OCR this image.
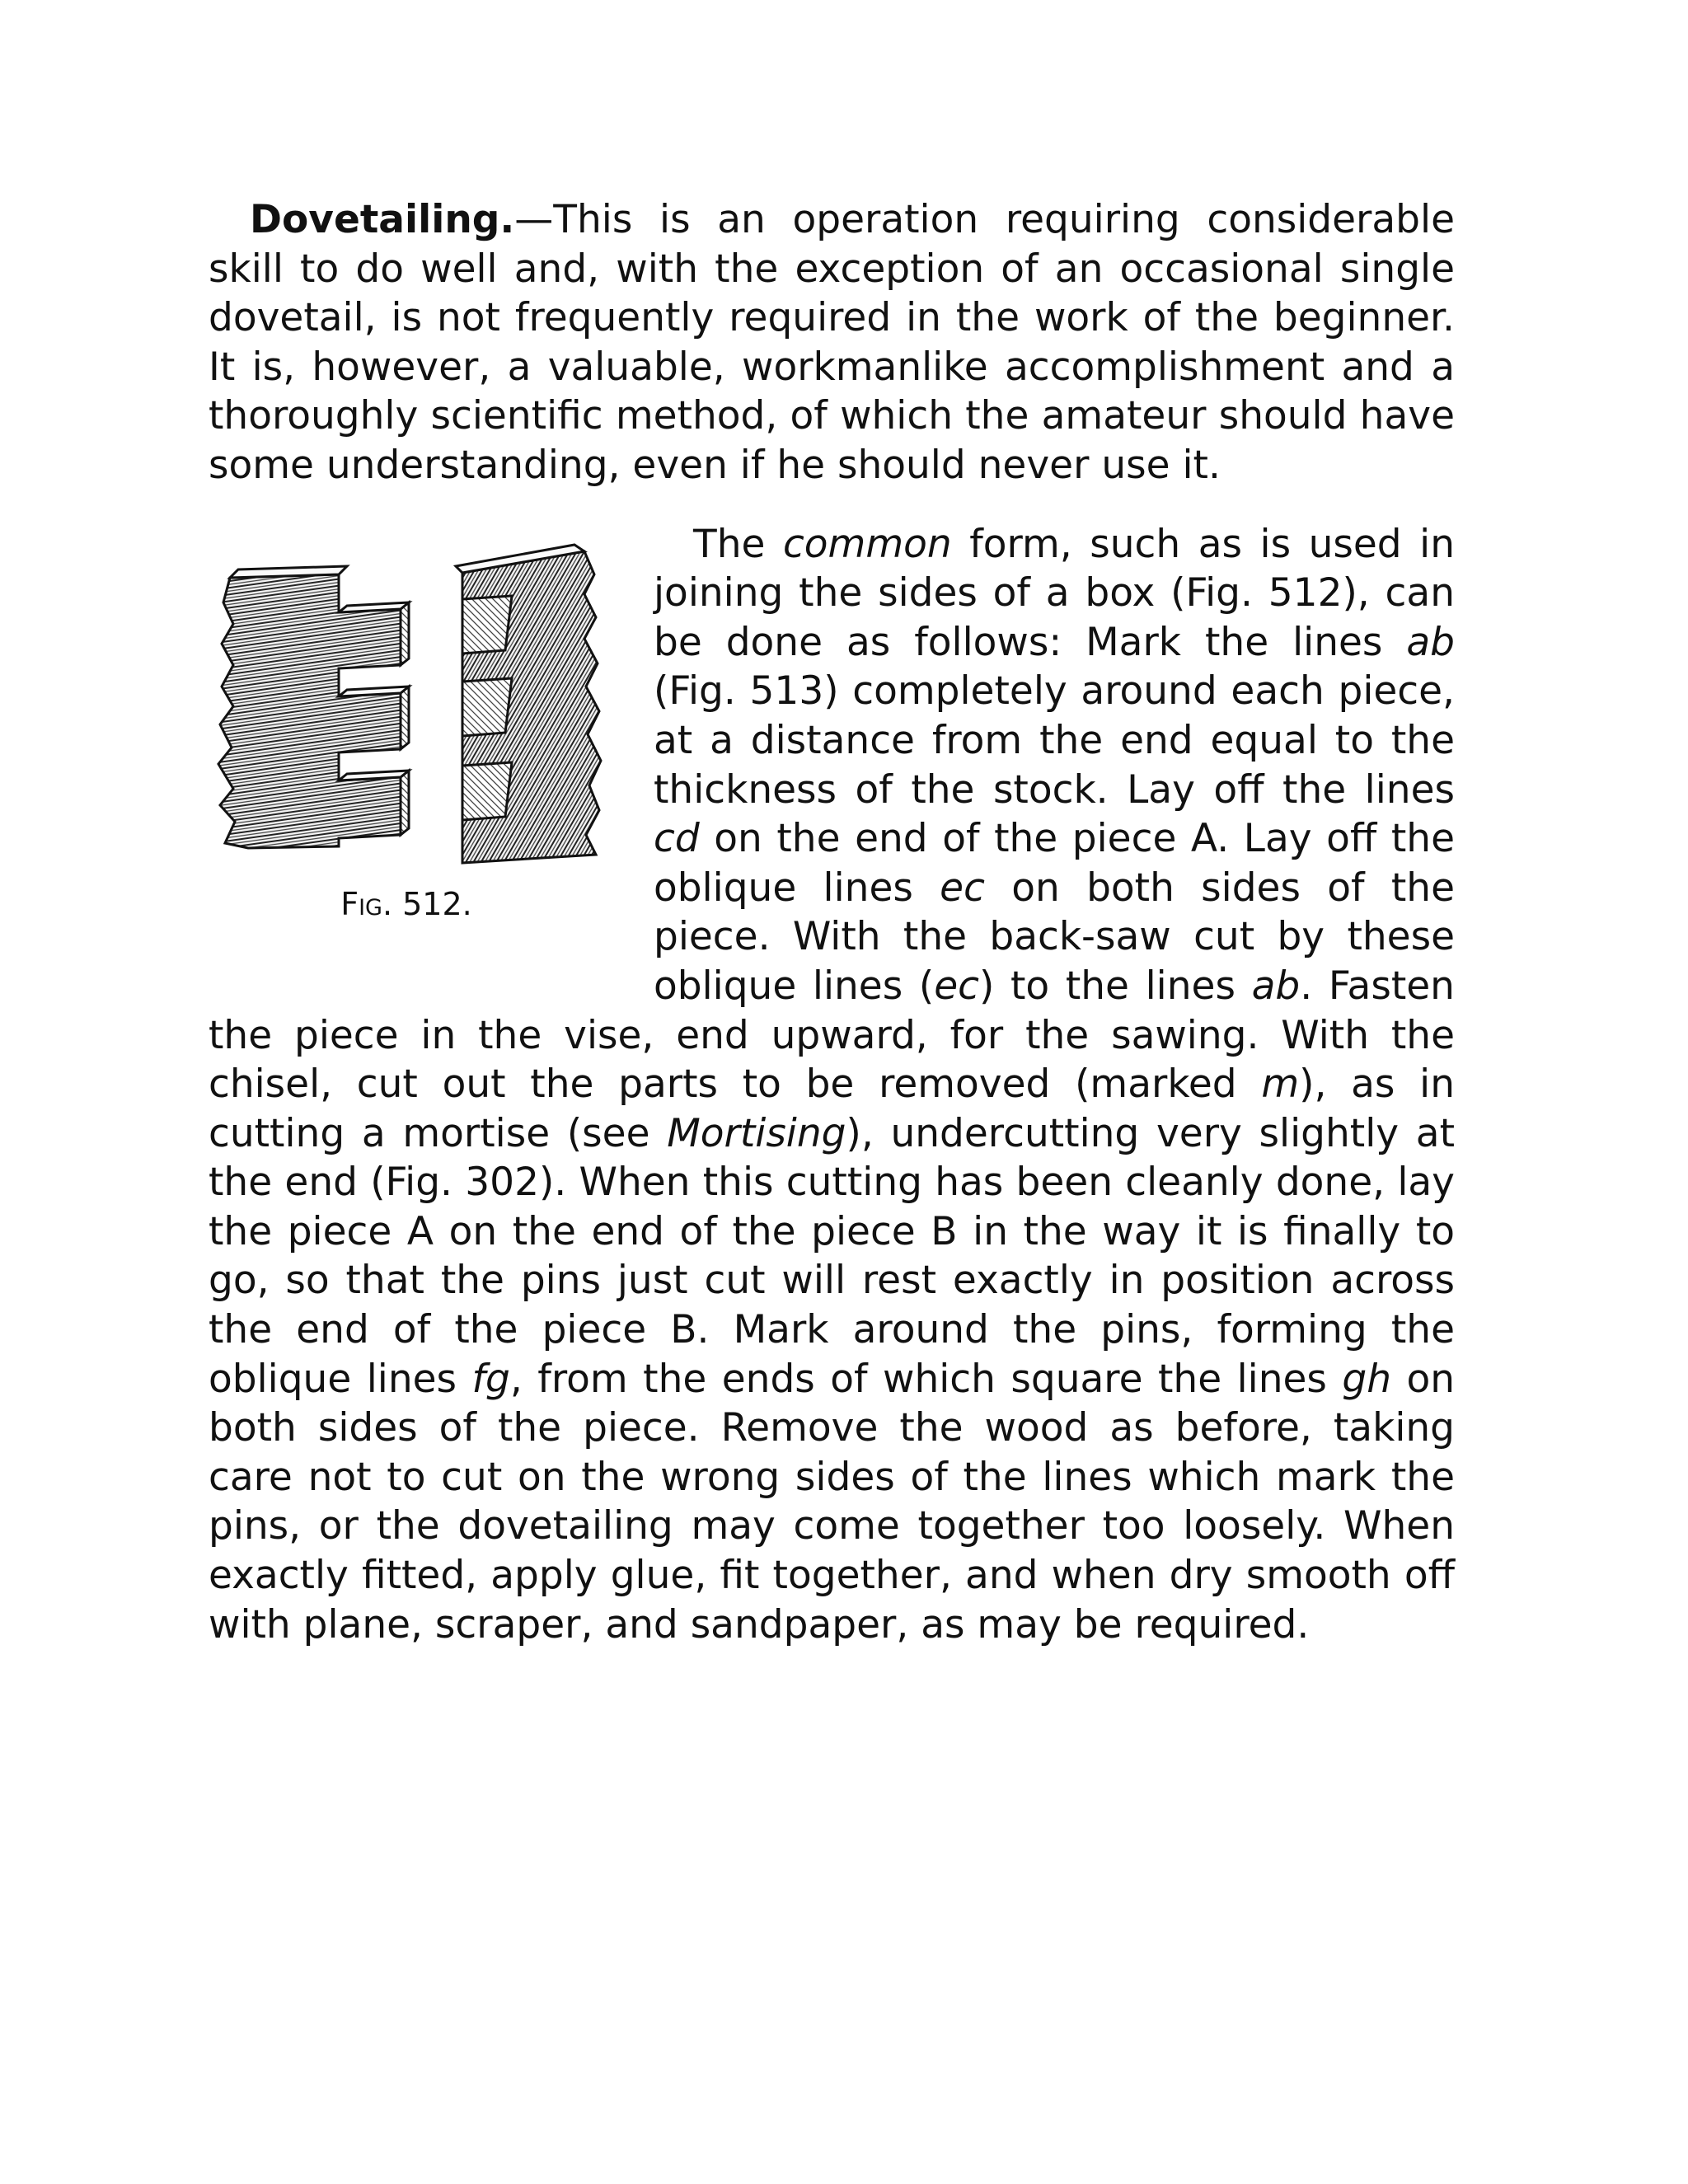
Dovetailing.—This is an operation requiring considerable skill to do well and, with the exception of an occasional single dovetail, is not frequently required in the work of the beginner. It is, however, a valuable, workmanlike accomplishment and a thoroughly scientific method, of which the amateur should have some understanding, even if he should never use it.

Fig. 512.

The common form, such as is used in joining the sides of a box (Fig. 512), can be done as follows: Mark the lines ab (Fig. 513) completely around each piece, at a distance from the end equal to the thickness of the stock. Lay off the lines cd on the end of the piece A. Lay off the oblique lines ec on both sides of the piece. With the back-saw cut by these oblique lines (ec) to the lines ab. Fasten the piece in the vise, end upward, for the sawing. With the chisel, cut out the parts to be removed (marked m), as in cutting a mortise (see Mortising), undercutting very slightly at the end (Fig. 302). When this cutting has been cleanly done, lay the piece A on the end of the piece B in the way it is finally to go, so that the pins just cut will rest exactly in position across the end of the piece B. Mark around the pins, forming the oblique lines fg, from the ends of which square the lines gh on both sides of the piece. Remove the wood as before, taking care not to cut on the wrong sides of the lines which mark the pins, or the dovetailing may come together too loosely. When exactly fitted, apply glue, fit together, and when dry smooth off with plane, scraper, and sandpaper, as may be required.
